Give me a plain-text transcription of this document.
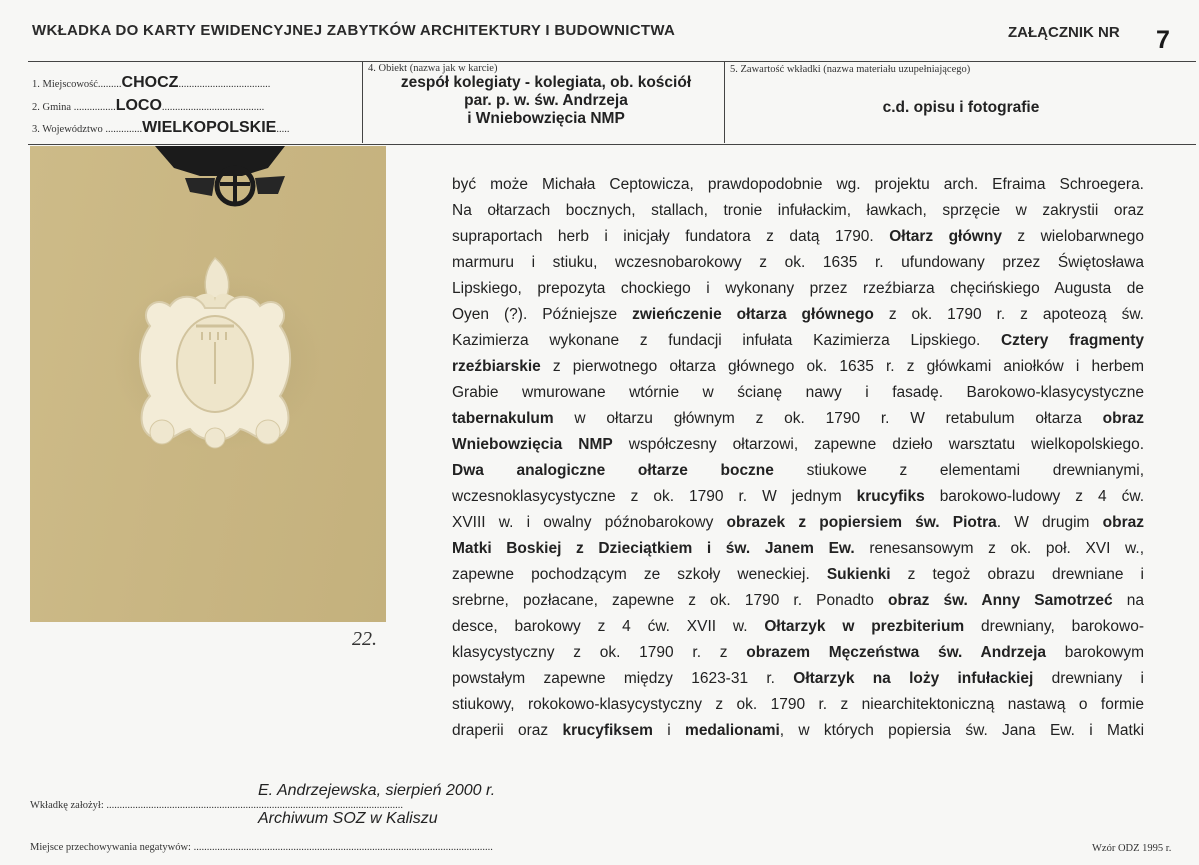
WKŁADKA DO KARTY EWIDENCYJNEJ ZABYTKÓW ARCHITEKTURY I BUDOWNICTWA	ZAŁĄCZNIK NR 7
1. Miejscowość.........CHOCZ...................................
2. Gmina ................LOCO.......................................
3. Województwo ..............WIELKOPOLSKIE.....
4. Obiekt (nazwa jak w karcie)
zespół kolegiaty - kolegiata, ob. kościół
par. p. w. św. Andrzeja
i Wniebowzięcia NMP
5. Zawartość wkładki (nazwa materiału uzupełniającego)
c.d. opisu i fotografie
22.

być może Michała Ceptowicza, prawdopodobnie wg. projektu arch. Efraima Schroegera.

Na ołtarzach bocznych, stallach, tronie infułackim, ławkach, sprzęcie w zakrystii oraz

supraportach herb i inicjały fundatora z datą 1790. Ołtarz główny z wielobarwnego

marmuru i stiuku, wczesnobarokowy z ok. 1635 r. ufundowany przez Świętosława

Lipskiego, prepozyta chockiego i wykonany przez rzeźbiarza chęcińskiego Augusta de

Oyen (?). Późniejsze zwieńczenie ołtarza głównego z ok. 1790 r. z apoteozą św.

Kazimierza wykonane z fundacji infułata Kazimierza Lipskiego. Cztery fragmenty

rzeźbiarskie z pierwotnego ołtarza głównego ok. 1635 r. z główkami aniołków i herbem

Grabie wmurowane wtórnie w ścianę nawy i fasadę. Barokowo-klasycystyczne

tabernakulum w ołtarzu głównym z ok. 1790 r. W retabulum ołtarza obraz

Wniebowzięcia NMP współczesny ołtarzowi, zapewne dzieło warsztatu wielkopolskiego.

Dwa analogiczne ołtarze boczne stiukowe z elementami drewnianymi,

wczesnoklasycystyczne z ok. 1790 r. W jednym krucyfiks barokowo-ludowy z 4 ćw.

XVIII w. i owalny późnobarokowy obrazek z popiersiem św. Piotra. W drugim obraz

Matki Boskiej z Dzieciątkiem i św. Janem Ew. renesansowym z ok. poł. XVI w.,

zapewne pochodzącym ze szkoły weneckiej. Sukienki z tegoż obrazu drewniane i

srebrne, pozłacane, zapewne z ok. 1790 r. Ponadto obraz św. Anny Samotrzeć na

desce, barokowy z 4 ćw. XVII w. Ołtarzyk w prezbiterium drewniany, barokowo-

klasycystyczny z ok. 1790 r. z obrazem Męczeństwa św. Andrzeja barokowym

powstałym zapewne między 1623-31 r. Ołtarzyk na loży infułackiej drewniany i

stiukowy, rokokowo-klasycystyczny z ok. 1790 r. z niearchitektoniczną nastawą o formie

draperii oraz krucyfiksem i medalionami, w których popiersia św. Jana Ew. i Matki

E. Andrzejewska, sierpień 2000 r.
Wkładkę założył: .................................................................................................................
Archiwum SOZ w Kaliszu
Miejsce przechowywania negatywów: ..................................................................................................................	Wzór ODZ 1995 r.
